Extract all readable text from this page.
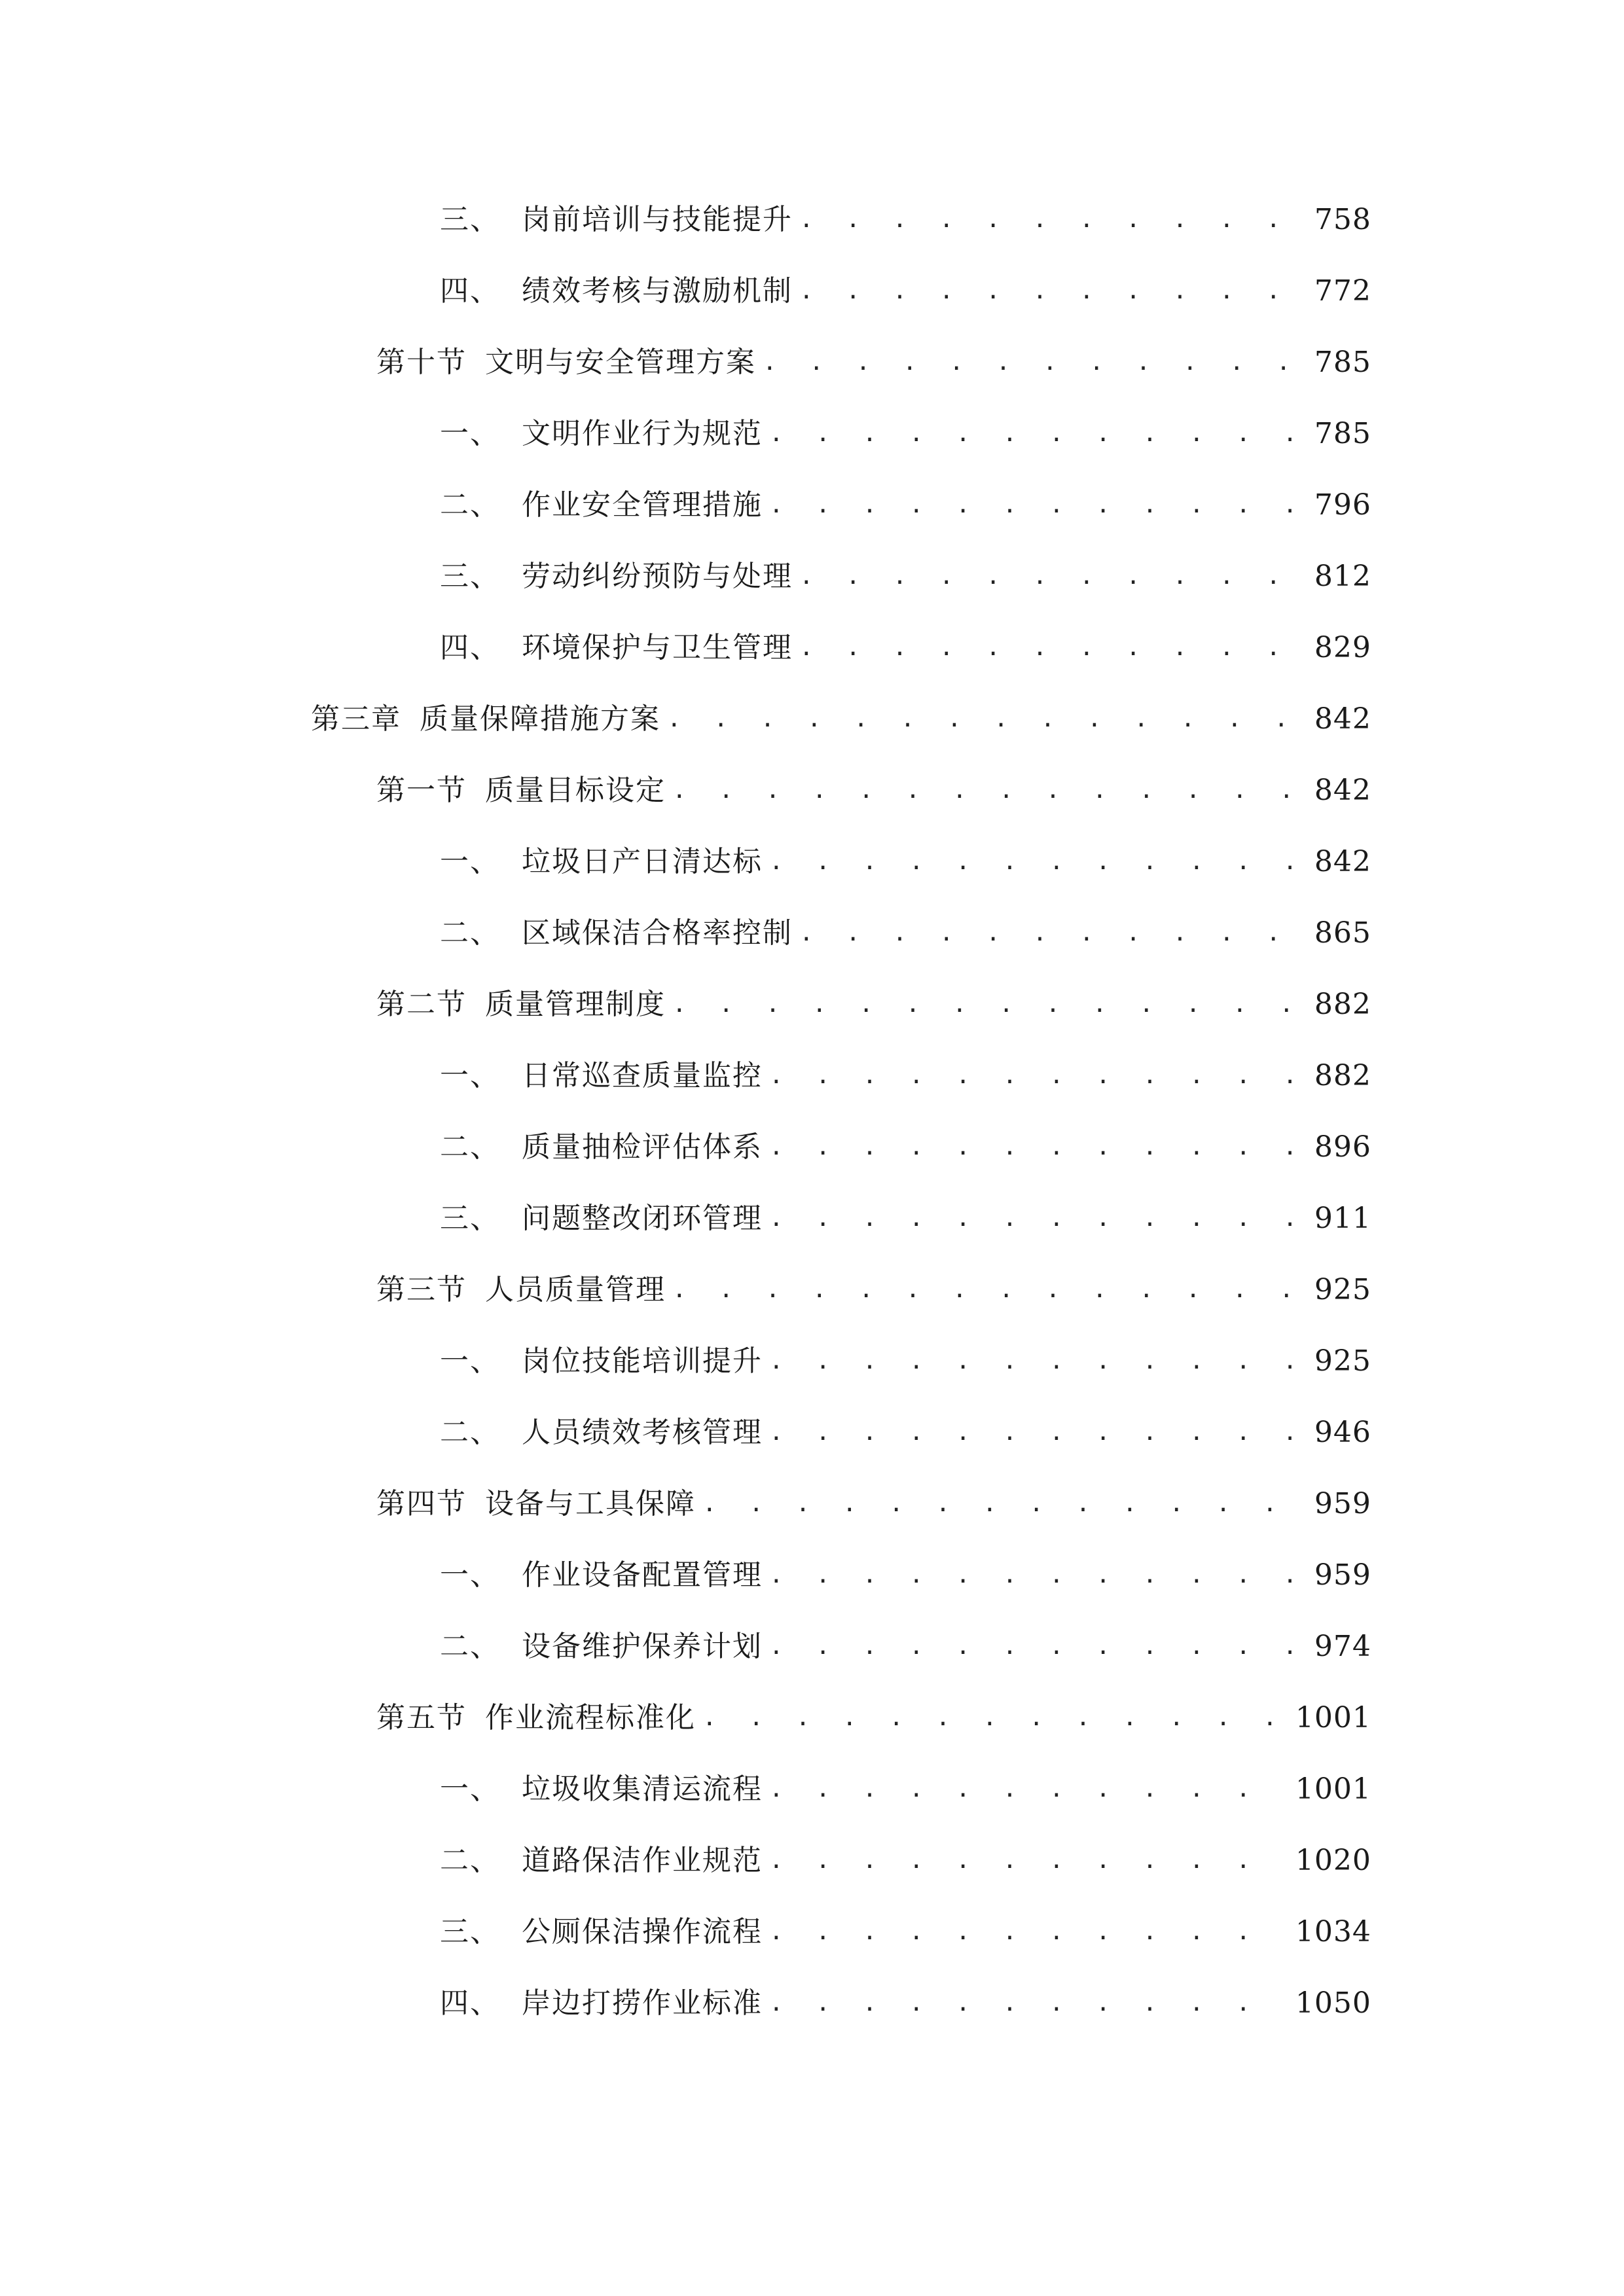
三、 岗前培训与技能提升 . . .	758
四、 绩效考核与激励机制 . . .	772
第十节 文明与安全管理方案 . . .	785
一、 文明作业行为规范 . . .	785
二、 作业安全管理措施 . . .	796
三、 劳动纠纷预防与处理 . . .	812
四、 环境保护与卫生管理 . . .	829
第三章 质量保障措施方案 . . .	842
第一节 质量目标设定 . . .	842
一、 垃圾日产日清达标 . . .	842
二、 区域保洁合格率控制 . . .	865
第二节 质量管理制度 . . .	882
一、 日常巡查质量监控 . . .	882
二、 质量抽检评估体系 . . .	896
三、 问题整改闭环管理 . . .	911
第三节 人员质量管理 . . .	925
一、 岗位技能培训提升 . . .	925
二、 人员绩效考核管理 . . .	946
第四节 设备与工具保障 . . .	959
一、 作业设备配置管理 . . .	959
二、 设备维护保养计划 . . .	974
第五节 作业流程标准化 . . .	1001
一、 垃圾收集清运流程 . . .	1001
二、 道路保洁作业规范 . . .	1020
三、 公厕保洁操作流程 . . .	1034
四、 岸边打捞作业标准 . . .	1050
